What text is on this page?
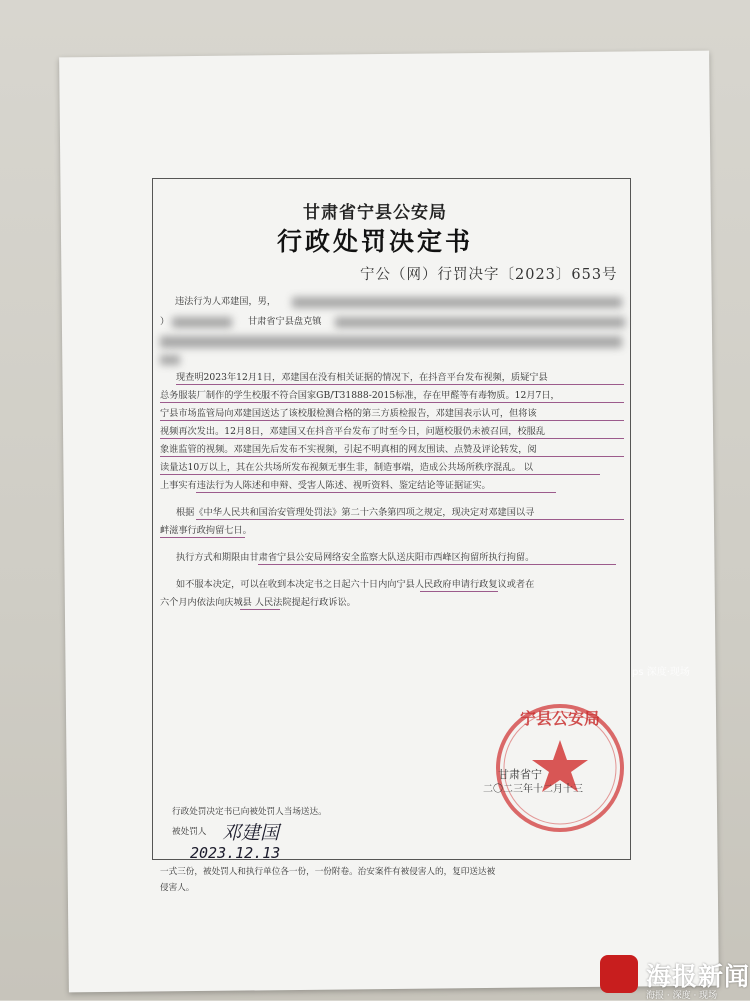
甘肃省宁县公安局
行政处罚决定书
宁公（网）行罚决字〔2023〕653号
违法行为人邓建国，男，
）	甘肃省宁县盘克镇
现查明2023年12月1日，邓建国在没有相关证据的情况下，在抖音平台发布视频，质疑宁县
总务服装厂制作的学生校服不符合国家GB/T31888-2015标准，存在甲醛等有毒物质。12月7日，
宁县市场监管局向邓建国送达了该校服检测合格的第三方质检报告，邓建国表示认可，但将该
视频再次发出。12月8日，邓建国又在抖音平台发布了时至今日，问题校服仍未被召回，校服乱
象谁监管的视频。邓建国先后发布不实视频，引起不明真相的网友围读、点赞及评论转发，阅
读量达10万以上，其在公共场所发布视频无事生非，制造事端，造成公共场所秩序混乱。 以
上事实有违法行为人陈述和申辩、受害人陈述、视听资料、鉴定结论等证据证实。
根据《中华人民共和国治安管理处罚法》第二十六条第四项之规定，现决定对邓建国以寻
衅滋事行政拘留七日。
执行方式和期限由甘肃省宁县公安局网络安全监察大队送庆阳市西峰区拘留所执行拘留。
如不服本决定，可以在收到本决定书之日起六十日内向宁县人民政府申请行政复议或者在
六个月内依法向庆城县 人民法院提起行政诉讼。
宁县公安局
甘肃省宁
二〇二三年十二月十三
行政处罚决定书已向被处罚人当场送达。
被处罚人 邓建国
2023.12.13
一式三份，被处罚人和执行单位各一份，一份附卷。治安案件有被侵害人的，复印送达被
侵害人。
ps 深度·现场
海报新闻
海报 · 深度 · 现场
